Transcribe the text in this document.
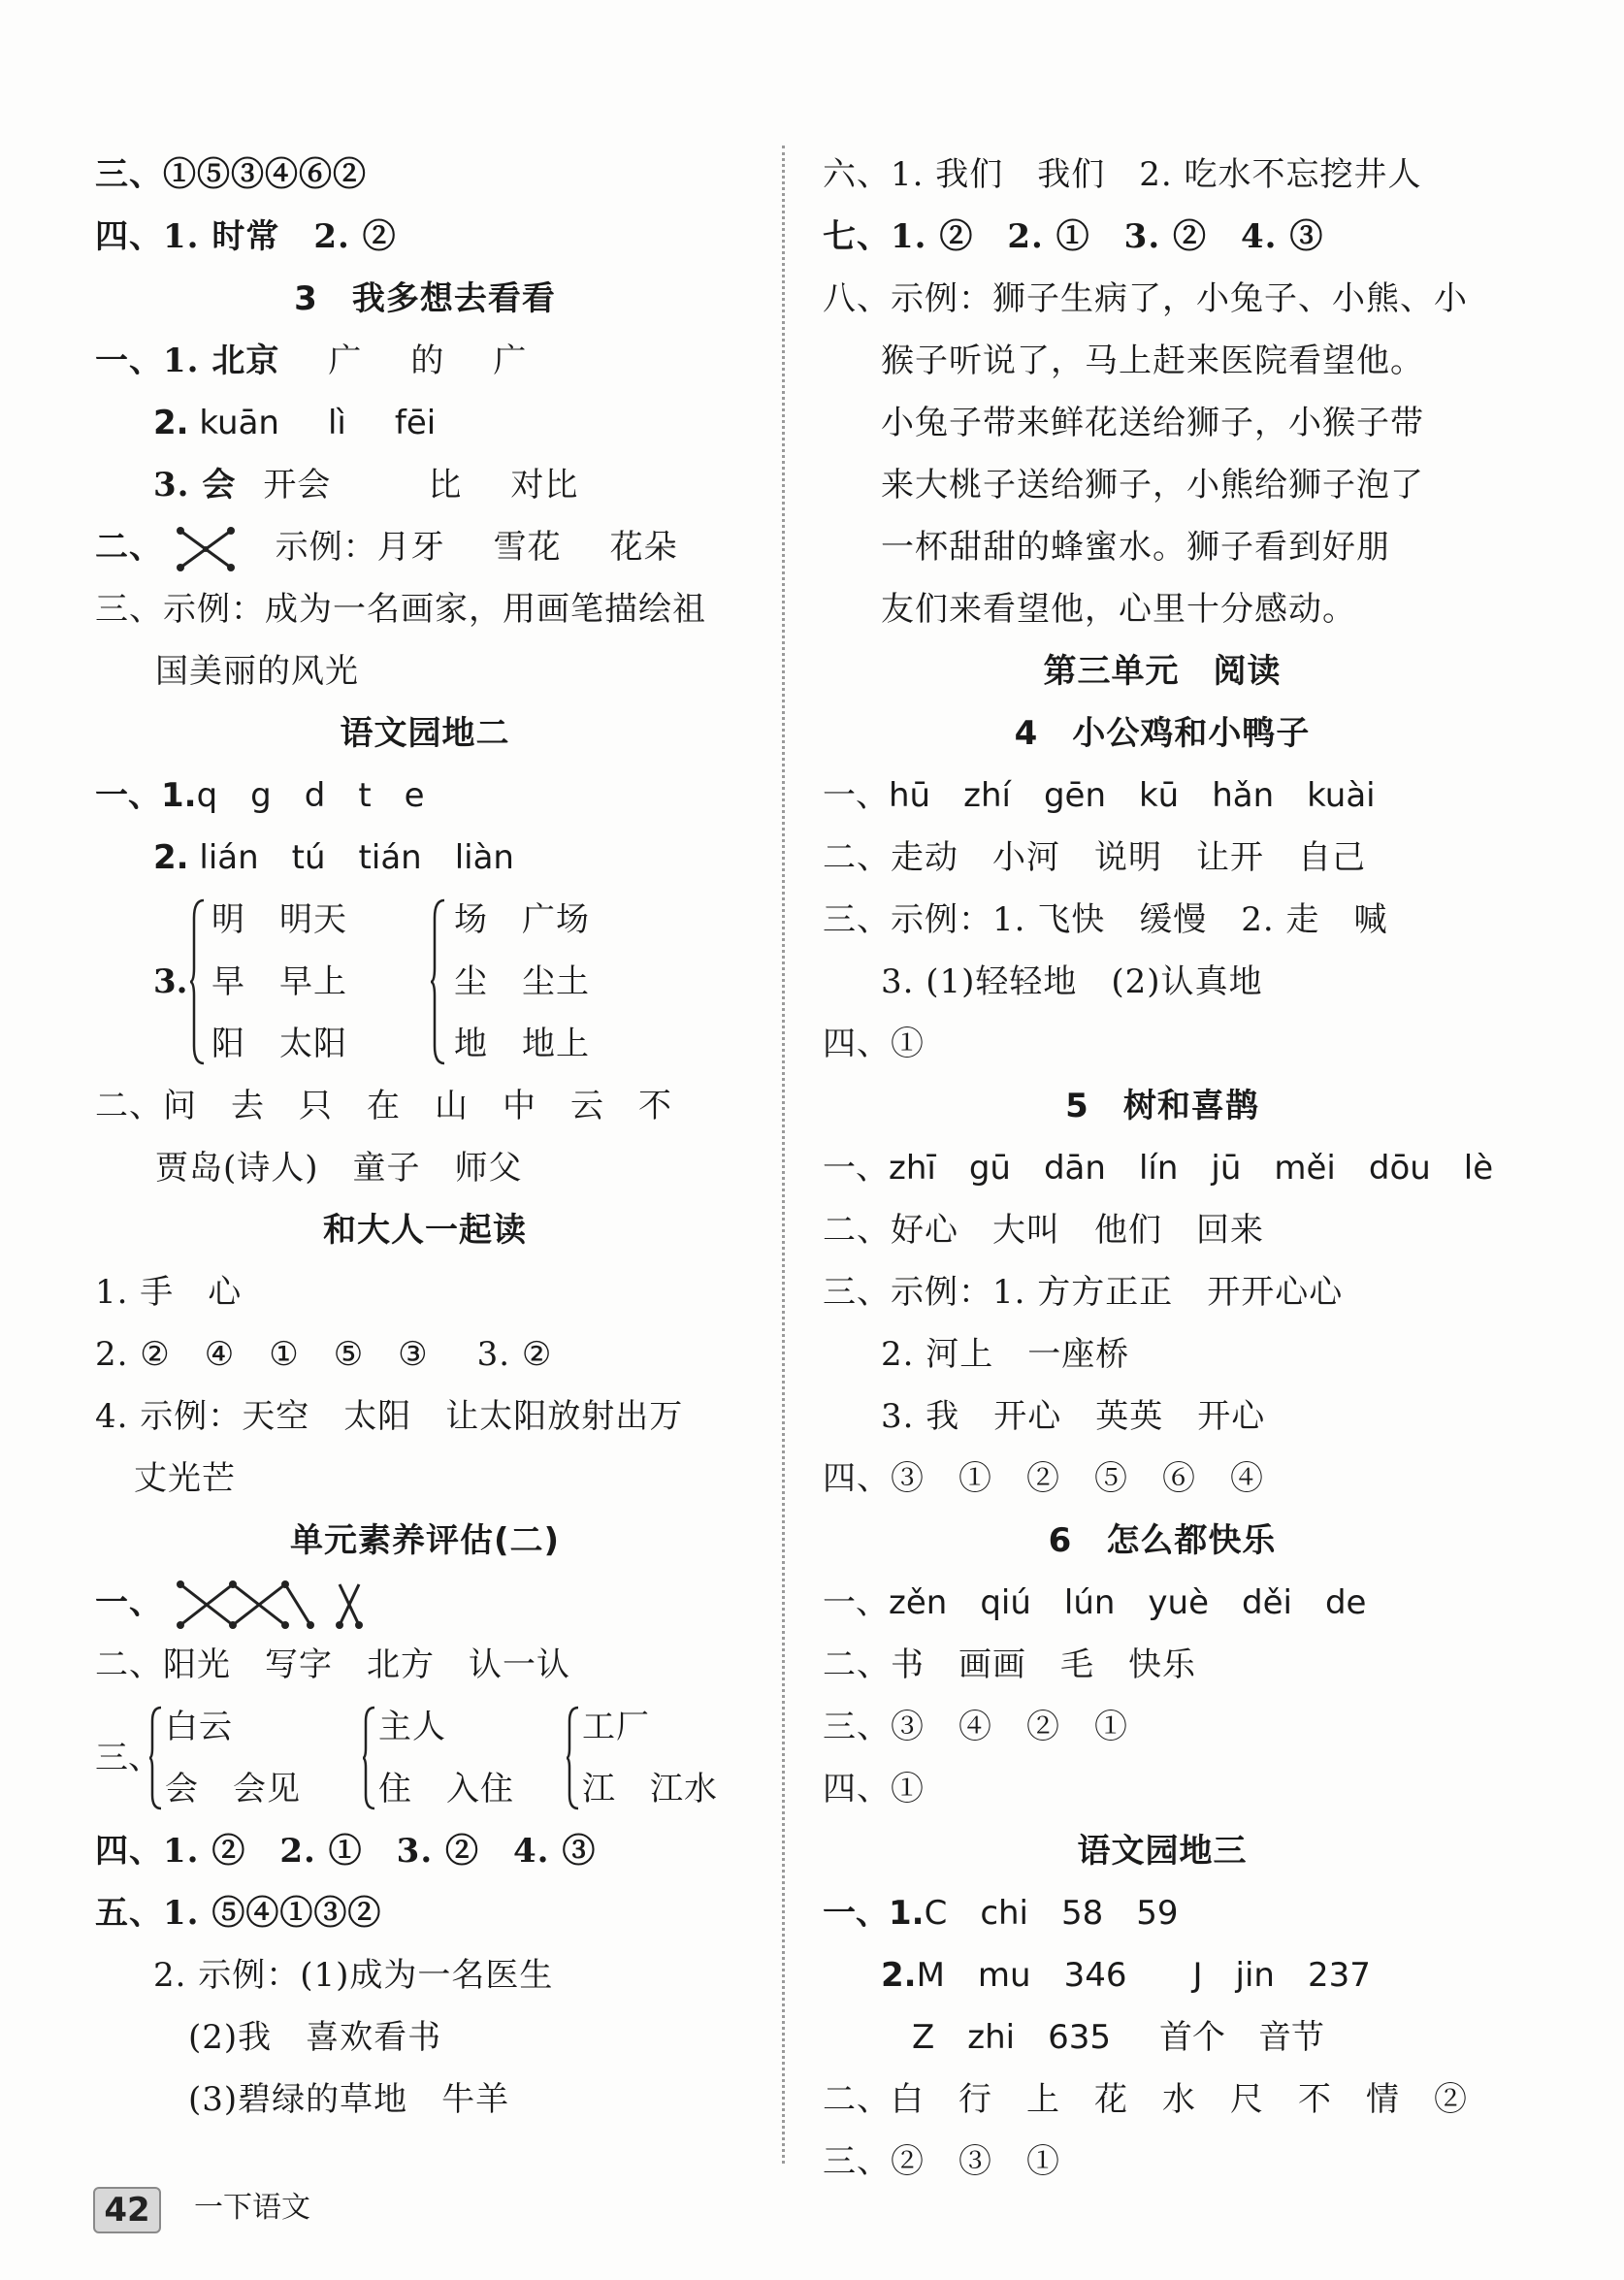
三、①⑤③④⑥②
四、1. 时常　2. ②
3　我多想去看看
一、1. 北京 广 的 广
2. kuān lì fēi
3. 会 开会	比 对比
二、	示例：月牙 雪花 花朵
三、示例：成为一名画家，用画笔描绘祖
国美丽的风光
语文园地二
一、1.q　g　d　t　e
2. lián　tú　tián　liàn
3.
明　明天
早　早上
阳　太阳
场　广场
尘　尘土
地　地上
二、问　去　只　在　山　中　云　不
贾岛(诗人)　童子　师父
和大人一起读
1. 手　心
2. ②　④　①　⑤　③ 3. ②
4. 示例：天空　太阳　让太阳放射出万
丈光芒
单元素养评估(二)
一、
二、阳光　写字　北方　认一认
三、
白云
会　会见
主人
住　入住
工厂
江　江水
四、1. ②　2. ①　3. ②　4. ③
五、1. ⑤④①③②
2. 示例：(1)成为一名医生
(2)我　喜欢看书
(3)碧绿的草地　牛羊
六、1. 我们　我们　2. 吃水不忘挖井人
七、1. ②　2. ①　3. ②　4. ③
八、示例：狮子生病了，小兔子、小熊、小
猴子听说了，马上赶来医院看望他。
小兔子带来鲜花送给狮子，小猴子带
来大桃子送给狮子，小熊给狮子泡了
一杯甜甜的蜂蜜水。狮子看到好朋
友们来看望他，心里十分感动。
第三单元　阅读
4　小公鸡和小鸭子
一、hū　zhí　gēn　kū　hǎn　kuài
二、走动　小河　说明　让开　自己
三、示例：1. 飞快　缓慢　2. 走　喊
3. (1)轻轻地　(2)认真地
四、①
5　树和喜鹊
一、zhī　gū　dān　lín　jū　měi　dōu　lè
二、好心　大叫　他们　回来
三、示例：1. 方方正正　开开心心
2. 河上　一座桥
3. 我　开心　英英　开心
四、③　①　②　⑤　⑥　④
6　怎么都快乐
一、zěn　qiú　lún　yuè　děi　de
二、书　画画　毛　快乐
三、③　④　②　①
四、①
语文园地三
一、1.C　chi　58　59
2.M　mu　346　　J　jin　237
Z　zhi　635 首个　音节
二、白　行　上　花　水　尺　不　情　②
三、②　③　①
42	一下语文
